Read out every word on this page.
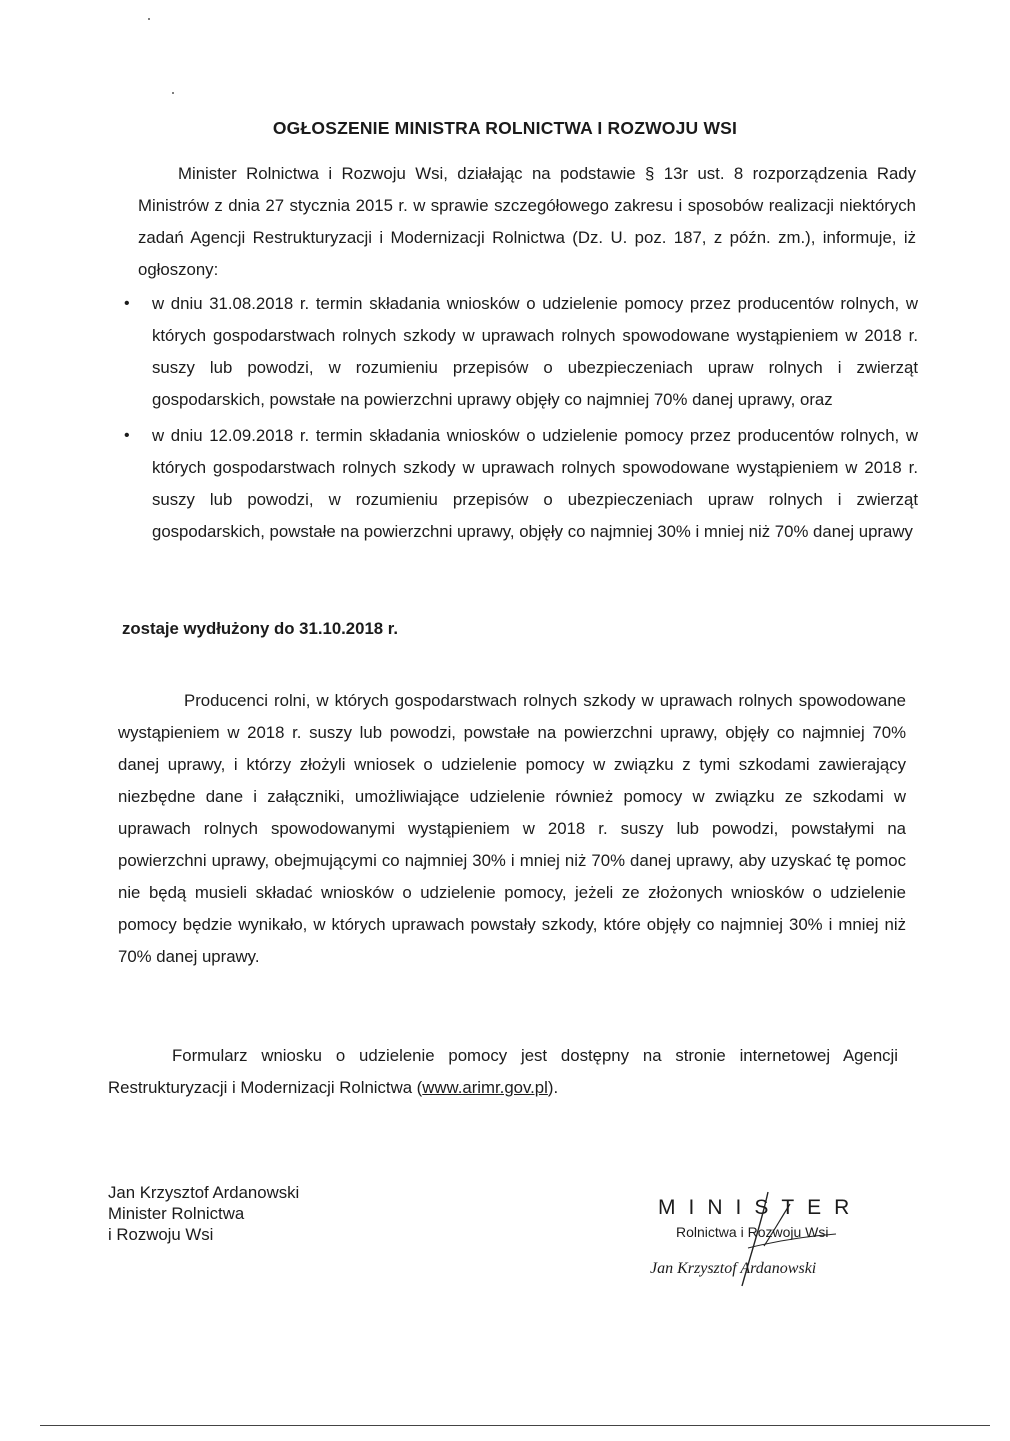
OGŁOSZENIE MINISTRA ROLNICTWA I ROZWOJU WSI

Minister Rolnictwa i Rozwoju Wsi, działając na podstawie § 13r ust. 8 rozporządzenia Rady Ministrów z dnia 27 stycznia 2015 r. w sprawie szczegółowego zakresu i sposobów realizacji niektórych zadań Agencji Restrukturyzacji i Modernizacji Rolnictwa (Dz. U. poz. 187, z późn. zm.), informuje, iż ogłoszony:

• w dniu 31.08.2018 r. termin składania wniosków o udzielenie pomocy przez producentów rolnych, w których gospodarstwach rolnych szkody w uprawach rolnych spowodowane wystąpieniem w 2018 r. suszy lub powodzi, w rozumieniu przepisów o ubezpieczeniach upraw rolnych i zwierząt gospodarskich, powstałe na powierzchni uprawy objęły co najmniej 70% danej uprawy, oraz
• w dniu 12.09.2018 r. termin składania wniosków o udzielenie pomocy przez producentów rolnych, w których gospodarstwach rolnych szkody w uprawach rolnych spowodowane wystąpieniem w 2018 r. suszy lub powodzi, w rozumieniu przepisów o ubezpieczeniach upraw rolnych i zwierząt gospodarskich, powstałe na powierzchni uprawy, objęły co najmniej 30% i mniej niż 70% danej uprawy
zostaje wydłużony do 31.10.2018 r.

Producenci rolni, w których gospodarstwach rolnych szkody w uprawach rolnych spowodowane wystąpieniem w 2018 r. suszy lub powodzi, powstałe na powierzchni uprawy, objęły co najmniej 70% danej uprawy, i którzy złożyli wniosek o udzielenie pomocy w związku z tymi szkodami zawierający niezbędne dane i załączniki, umożliwiające udzielenie również pomocy w związku ze szkodami w uprawach rolnych spowodowanymi wystąpieniem w 2018 r. suszy lub powodzi, powstałymi na powierzchni uprawy, obejmującymi co najmniej 30% i mniej niż 70% danej uprawy, aby uzyskać tę pomoc nie będą musieli składać wniosków o udzielenie pomocy, jeżeli ze złożonych wniosków o udzielenie pomocy będzie wynikało, w których uprawach powstały szkody, które objęły co najmniej 30% i mniej niż 70% danej uprawy.

Formularz wniosku o udzielenie pomocy jest dostępny na stronie internetowej Agencji Restrukturyzacji i Modernizacji Rolnictwa (www.arimr.gov.pl).

Jan Krzysztof Ardanowski
Minister Rolnictwa
i Rozwoju Wsi
MINISTER
Rolnictwa i Rozwoju Wsi
Jan Krzysztof Ardanowski
